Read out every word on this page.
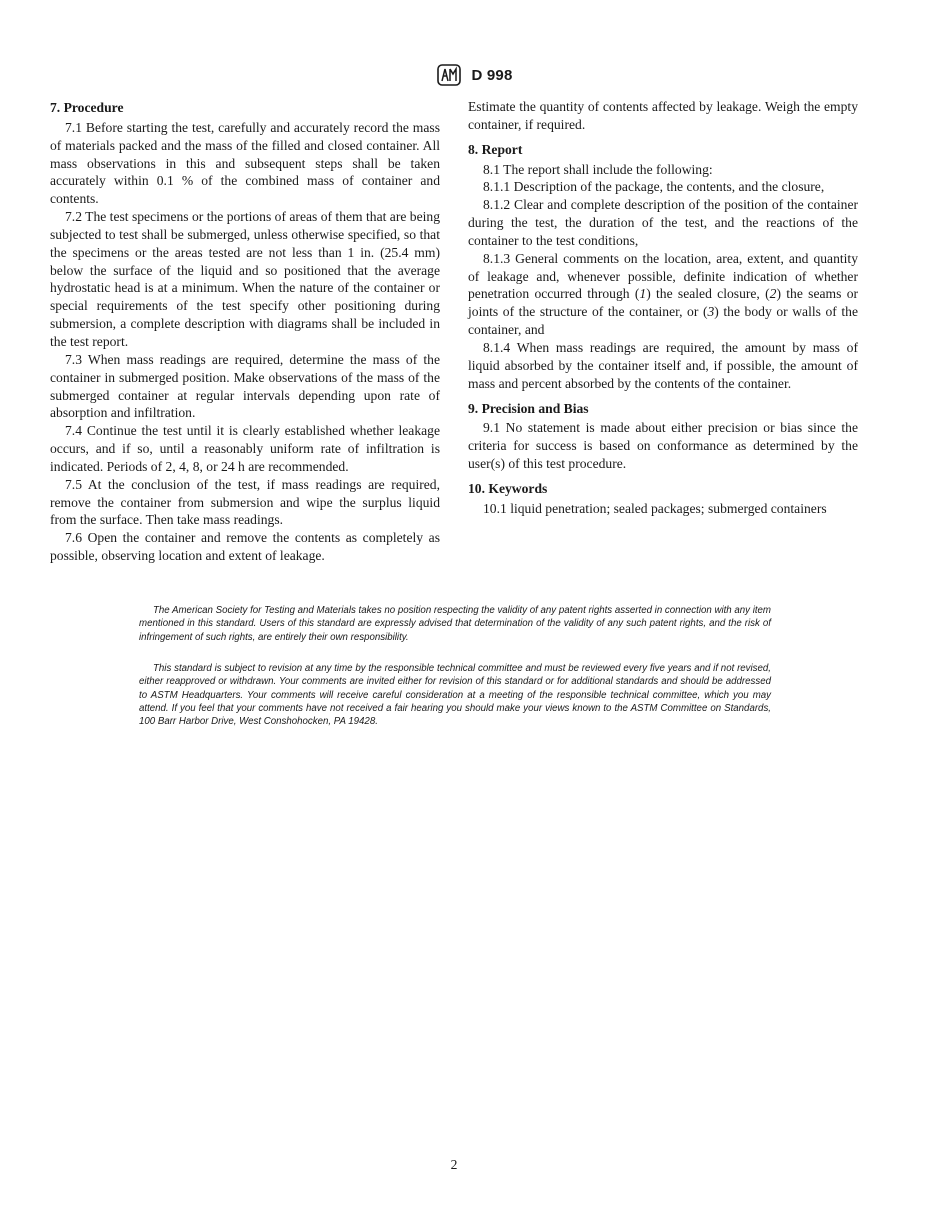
D 998
7. Procedure

7.1 Before starting the test, carefully and accurately record the mass of materials packed and the mass of the filled and closed container. All mass observations in this and subsequent steps shall be taken accurately within 0.1 % of the combined mass of container and contents.

7.2 The test specimens or the portions of areas of them that are being subjected to test shall be submerged, unless otherwise specified, so that the specimens or the areas tested are not less than 1 in. (25.4 mm) below the surface of the liquid and so positioned that the average hydrostatic head is at a minimum. When the nature of the container or special requirements of the test specify other positioning during submersion, a complete description with diagrams shall be included in the test report.

7.3 When mass readings are required, determine the mass of the container in submerged position. Make observations of the mass of the submerged container at regular intervals depending upon rate of absorption and infiltration.

7.4 Continue the test until it is clearly established whether leakage occurs, and if so, until a reasonably uniform rate of infiltration is indicated. Periods of 2, 4, 8, or 24 h are recommended.

7.5 At the conclusion of the test, if mass readings are required, remove the container from submersion and wipe the surplus liquid from the surface. Then take mass readings.

7.6 Open the container and remove the contents as completely as possible, observing location and extent of leakage.

Estimate the quantity of contents affected by leakage. Weigh the empty container, if required.

8. Report

8.1 The report shall include the following:

8.1.1 Description of the package, the contents, and the closure,

8.1.2 Clear and complete description of the position of the container during the test, the duration of the test, and the reactions of the container to the test conditions,

8.1.3 General comments on the location, area, extent, and quantity of leakage and, whenever possible, definite indication of whether penetration occurred through (1) the sealed closure, (2) the seams or joints of the structure of the container, or (3) the body or walls of the container, and

8.1.4 When mass readings are required, the amount by mass of liquid absorbed by the container itself and, if possible, the amount of mass and percent absorbed by the contents of the container.

9. Precision and Bias

9.1 No statement is made about either precision or bias since the criteria for success is based on conformance as determined by the user(s) of this test procedure.

10. Keywords

10.1 liquid penetration; sealed packages; submerged containers

The American Society for Testing and Materials takes no position respecting the validity of any patent rights asserted in connection with any item mentioned in this standard. Users of this standard are expressly advised that determination of the validity of any such patent rights, and the risk of infringement of such rights, are entirely their own responsibility.

This standard is subject to revision at any time by the responsible technical committee and must be reviewed every five years and if not revised, either reapproved or withdrawn. Your comments are invited either for revision of this standard or for additional standards and should be addressed to ASTM Headquarters. Your comments will receive careful consideration at a meeting of the responsible technical committee, which you may attend. If you feel that your comments have not received a fair hearing you should make your views known to the ASTM Committee on Standards, 100 Barr Harbor Drive, West Conshohocken, PA 19428.

2
